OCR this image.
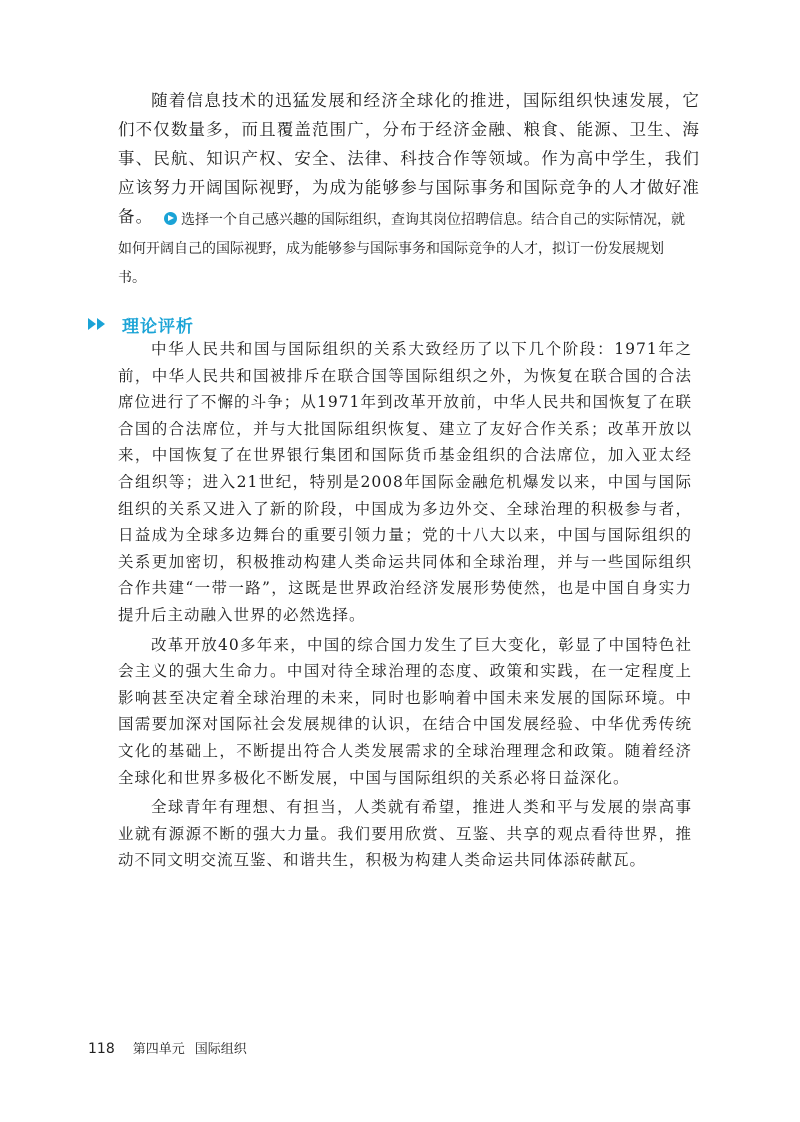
随着信息技术的迅猛发展和经济全球化的推进，国际组织快速发展，它们不仅数量多，而且覆盖范围广，分布于经济金融、粮食、能源、卫生、海事、民航、知识产权、安全、法律、科技合作等领域。作为高中学生，我们应该努力开阔国际视野，为成为能够参与国际事务和国际竞争的人才做好准备。	选择一个自己感兴趣的国际组织，查询其岗位招聘信息。结合自己的实际情况，就如何开阔自己的国际视野，成为能够参与国际事务和国际竞争的人才，拟订一份发展规划书。

理论评析

中华人民共和国与国际组织的关系大致经历了以下几个阶段：1971年之前，中华人民共和国被排斥在联合国等国际组织之外，为恢复在联合国的合法席位进行了不懈的斗争；从1971年到改革开放前，中华人民共和国恢复了在联合国的合法席位，并与大批国际组织恢复、建立了友好合作关系；改革开放以来，中国恢复了在世界银行集团和国际货币基金组织的合法席位，加入亚太经合组织等；进入21世纪，特别是2008年国际金融危机爆发以来，中国与国际组织的关系又进入了新的阶段，中国成为多边外交、全球治理的积极参与者，日益成为全球多边舞台的重要引领力量；党的十八大以来，中国与国际组织的关系更加密切，积极推动构建人类命运共同体和全球治理，并与一些国际组织合作共建“一带一路”，这既是世界政治经济发展形势使然，也是中国自身实力提升后主动融入世界的必然选择。

改革开放40多年来，中国的综合国力发生了巨大变化，彰显了中国特色社会主义的强大生命力。中国对待全球治理的态度、政策和实践，在一定程度上影响甚至决定着全球治理的未来，同时也影响着中国未来发展的国际环境。中国需要加深对国际社会发展规律的认识，在结合中国发展经验、中华优秀传统文化的基础上，不断提出符合人类发展需求的全球治理理念和政策。随着经济全球化和世界多极化不断发展，中国与国际组织的关系必将日益深化。

全球青年有理想、有担当，人类就有希望，推进人类和平与发展的崇高事业就有源源不断的强大力量。我们要用欣赏、互鉴、共享的观点看待世界，推动不同文明交流互鉴、和谐共生，积极为构建人类命运共同体添砖献瓦。

118 第四单元 国际组织
